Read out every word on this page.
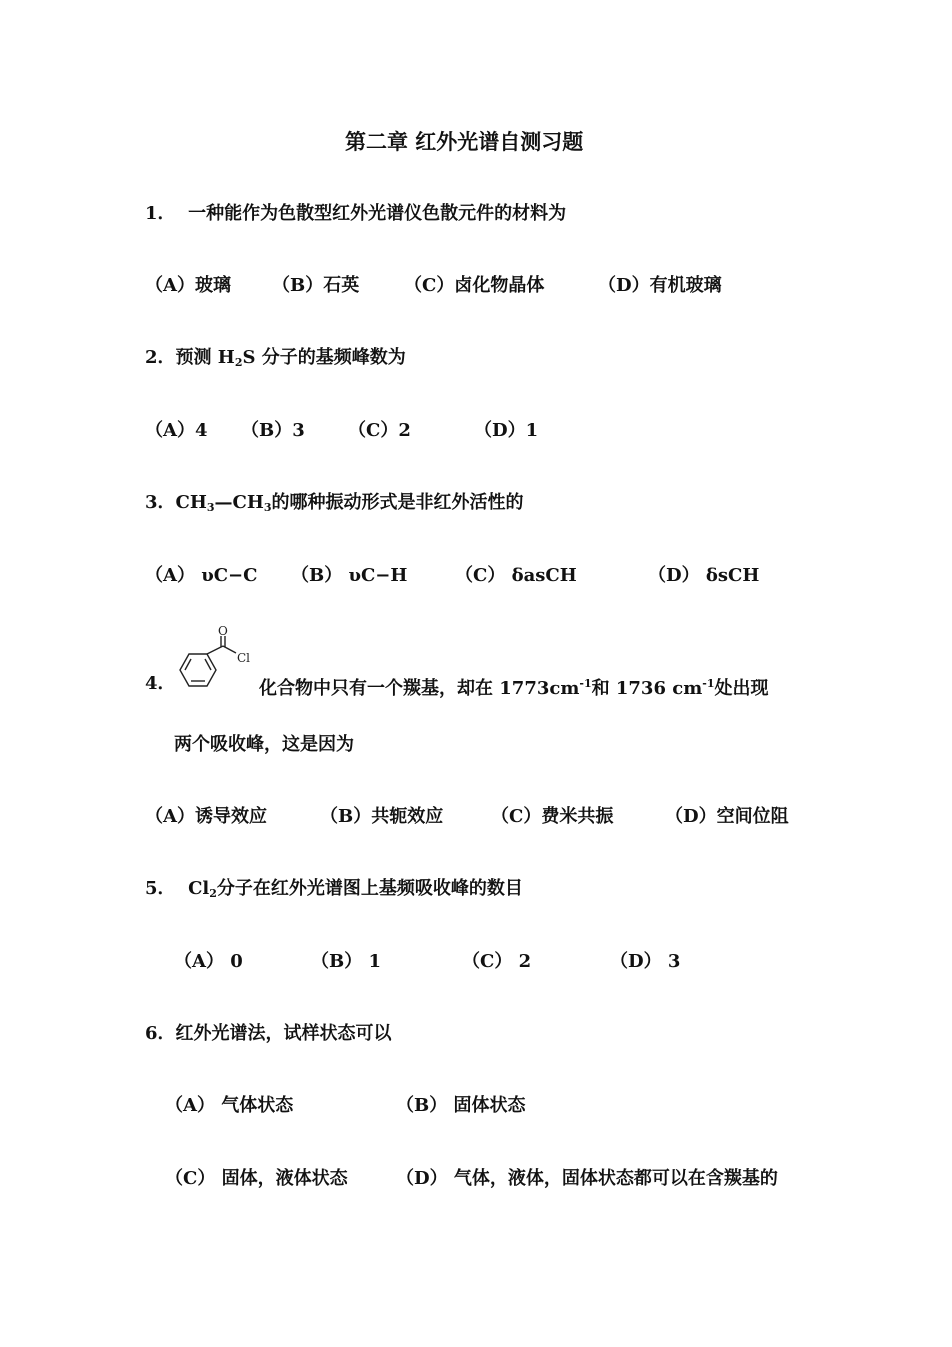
第二章 红外光谱自测习题
1． 一种能作为色散型红外光谱仪色散元件的材料为
（A）玻璃 （B）石英 （C）卤化物晶体	（D）有机玻璃
2．预测 $H_2S$ 分子的基频峰数为
（A）4 （B）3 （C）2	（D）1
3．$CH_3—CH_3$的哪种振动形式是非红外活性的
（A） υC−C （B） υC−H	（C） δasCH	（D） δsCH
4．
O
Cl
化合物中只有一个羰基，却在 $1773cm^{-1}$和 1736 $cm^{-1}$处出现
两个吸收峰，这是因为
（A）诱导效应	（B）共轭效应	（C）费米共振	（D）空间位阻
5． $Cl_2$分子在红外光谱图上基频吸收峰的数目
（A） 0	（B） 1	（C） 2	（D） 3
6．红外光谱法，试样状态可以
（A） 气体状态	（B） 固体状态
（C） 固体，液体状态	（D） 气体，液体，固体状态都可以在含羰基的
